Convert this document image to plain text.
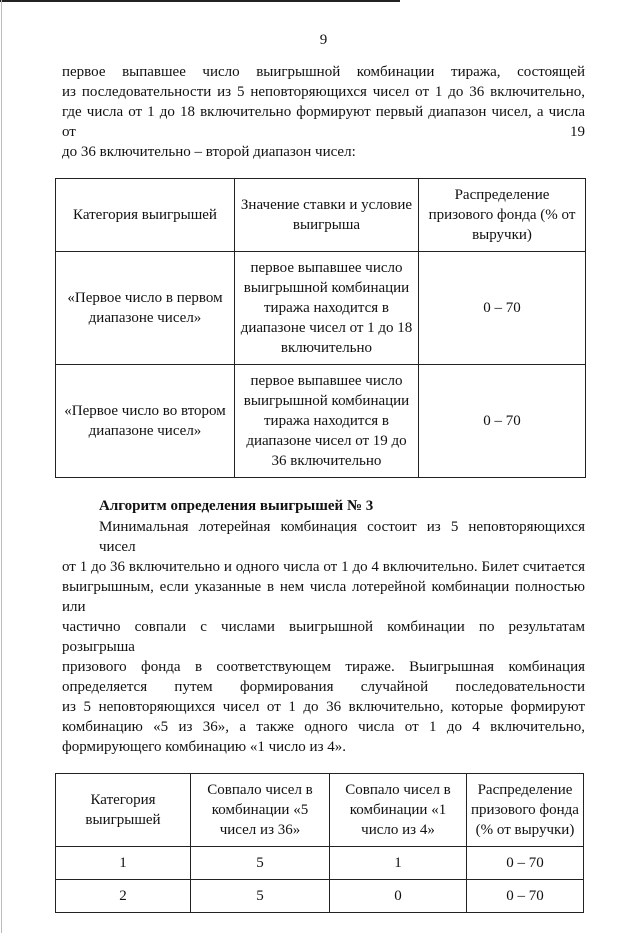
9
первое выпавшее число выигрышной комбинации тиража, состоящей
из последовательности из 5 неповторяющихся чисел от 1 до 36 включительно,
где числа от 1 до 18 включительно формируют первый диапазон чисел, а числа от 19
до 36 включительно – второй диапазон чисел:
Категория выигрышей	Значение ставки и условие выигрыша	Распределение призового фонда (% от выручки)
«Первое число в первом диапазоне чисел»	первое выпавшее число выигрышной комбинации тиража находится в диапазоне чисел от 1 до 18 включительно	0 – 70
«Первое число во втором диапазоне чисел»	первое выпавшее число выигрышной комбинации тиража находится в диапазоне чисел от 19 до 36 включительно	0 – 70
Алгоритм определения выигрышей № 3
Минимальная лотерейная комбинация состоит из 5 неповторяющихся чисел
от 1 до 36 включительно и одного числа от 1 до 4 включительно. Билет считается
выигрышным, если указанные в нем числа лотерейной комбинации полностью или
частично совпали с числами выигрышной комбинации по результатам розыгрыша
призового фонда в соответствующем тираже. Выигрышная комбинация
определяется путем формирования случайной последовательности
из 5 неповторяющихся чисел от 1 до 36 включительно, которые формируют
комбинацию «5 из 36», а также одного числа от 1 до 4 включительно,
формирующего комбинацию «1 число из 4».
Категория выигрышей	Совпало чисел в комбинации «5 чисел из 36»	Совпало чисел в комбинации «1 число из 4»	Распределение призового фонда (% от выручки)
1	5	1	0 – 70
2	5	0	0 – 70
